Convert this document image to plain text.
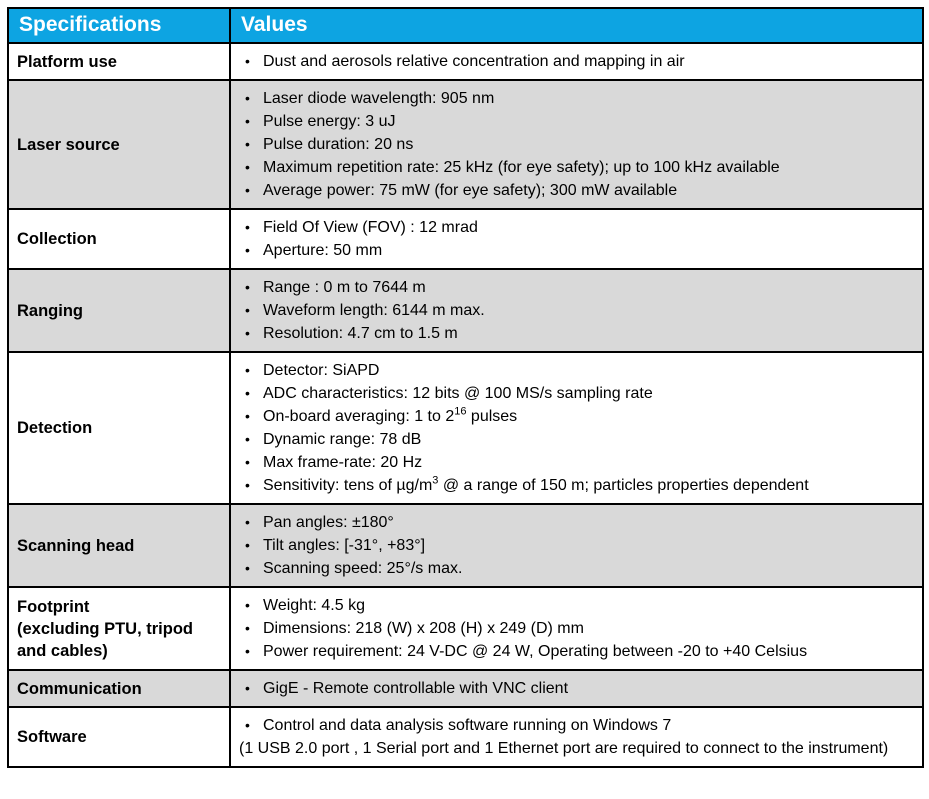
Specifications	Values
Platform use	• Dust and aerosols relative concentration and mapping in air

Laser source	
• Laser diode wavelength: 905 nm
• Pulse energy: 3 uJ
• Pulse duration: 20 ns
• Maximum repetition rate: 25 kHz (for eye safety); up to 100 kHz available
• Average power: 75 mW (for eye safety); 300 mW available

Collection	• Field Of View (FOV) : 12 mrad
• Aperture: 50 mm

Ranging	
• Range : 0 m to 7644 m
• Waveform length: 6144 m max.
• Resolution: 4.7 cm to 1.5 m

Detection	
• Detector: SiAPD
• ADC characteristics: 12 bits @ 100 MS/s sampling rate
• On-board averaging: 1 to $2^{16}$ pulses
• Dynamic range: 78 dB
• Max frame-rate: 20 Hz
• Sensitivity: tens of $\mu g/m^3$ @ a range of 150 m; particles properties dependent

Scanning head	
• Pan angles: ±180°
• Tilt angles: [-31°, +83°]
• Scanning speed: 25°/s max.

Footprint
(excluding PTU, tripod
and cables)	
• Weight: 4.5 kg
• Dimensions: 218 (W) x 208 (H) x 249 (D) mm
• Power requirement: 24 V-DC @ 24 W, Operating between -20 to +40 Celsius

Communication	• GigE - Remote controllable with VNC client

Software	• Control and data analysis software running on Windows 7
(1 USB 2.0 port , 1 Serial port and 1 Ethernet port are required to connect to the instrument)
